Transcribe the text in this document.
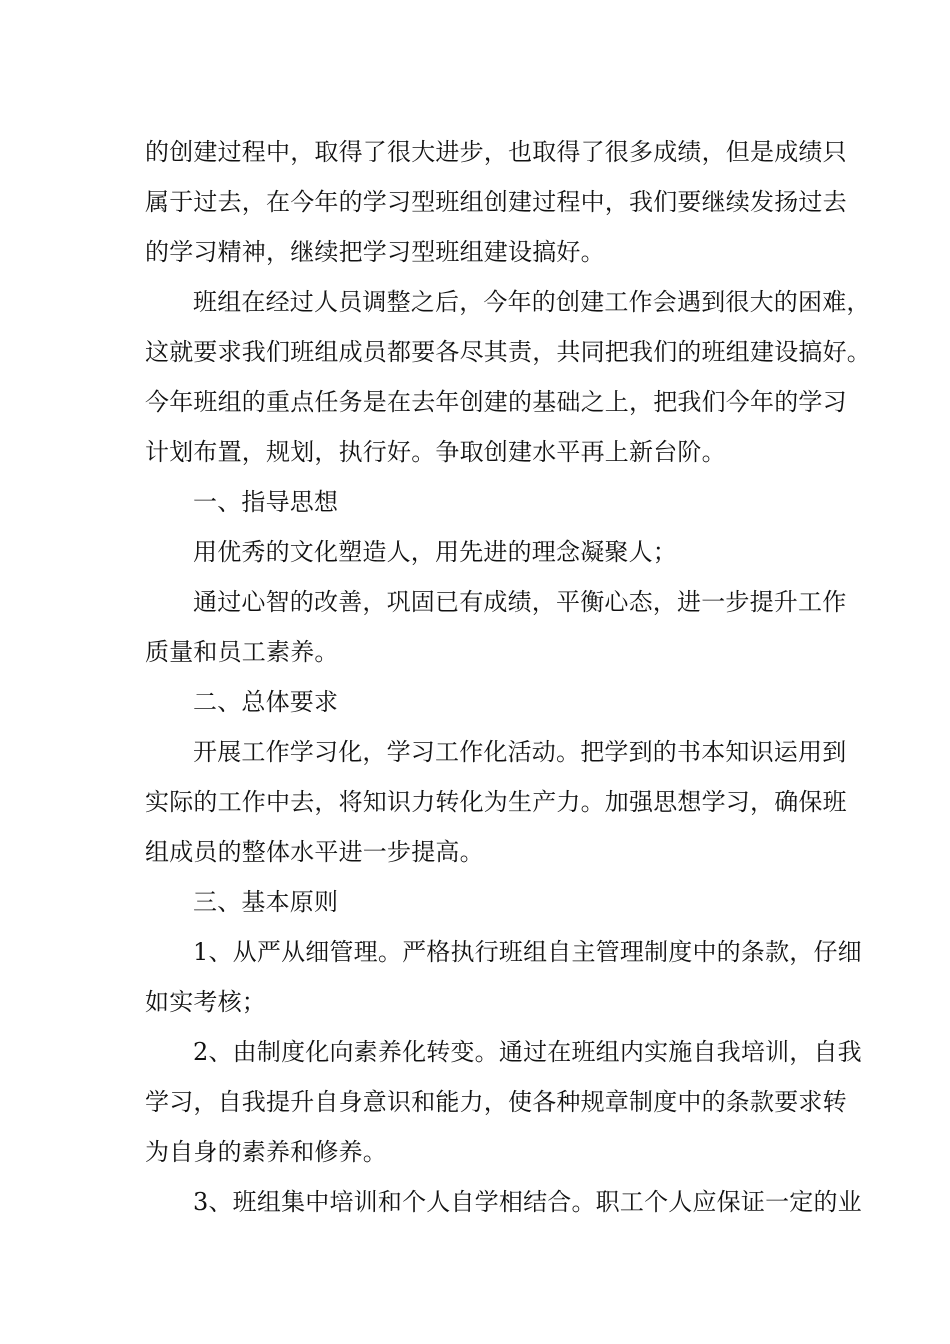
的创建过程中，取得了很大进步，也取得了很多成绩，但是成绩只
属于过去，在今年的学习型班组创建过程中，我们要继续发扬过去
的学习精神，继续把学习型班组建设搞好。
班组在经过人员调整之后，今年的创建工作会遇到很大的困难，
这就要求我们班组成员都要各尽其责，共同把我们的班组建设搞好。
今年班组的重点任务是在去年创建的基础之上，把我们今年的学习
计划布置，规划，执行好。争取创建水平再上新台阶。
一、指导思想
用优秀的文化塑造人，用先进的理念凝聚人；
通过心智的改善，巩固已有成绩，平衡心态，进一步提升工作
质量和员工素养。
二、总体要求
开展工作学习化，学习工作化活动。把学到的书本知识运用到
实际的工作中去，将知识力转化为生产力。加强思想学习，确保班
组成员的整体水平进一步提高。
三、基本原则
1、从严从细管理。严格执行班组自主管理制度中的条款，仔细
如实考核；
2、由制度化向素养化转变。通过在班组内实施自我培训，自我
学习，自我提升自身意识和能力，使各种规章制度中的条款要求转
为自身的素养和修养。
3、班组集中培训和个人自学相结合。职工个人应保证一定的业
